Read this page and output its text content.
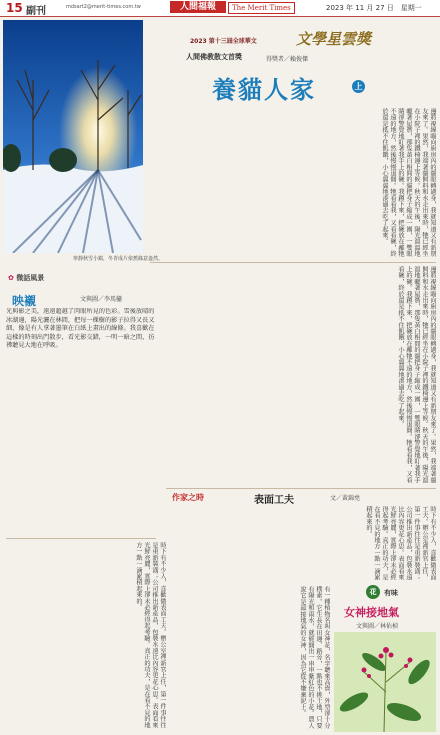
15 副刊	mdsart2@merit-times.com.tw	人間福報	The Merit Times	2023 年 11 月 27 日　星期一
寧靜秋雪小鎮，冬青成片依舊綠意盎然。
2023 第十三屆全球華文	文學星雲獎
人間佛教散文首獎	得獎者／賴俊傑
養貓人家	上
邊將視線瞄向廚房內的貓眼轉過身，我就知道又有新朋友來了。果然，我端著貓飼料和水走出來時，牠已經坐在小院子裡的鐵椅邊上等候。秋天的午後，陽光溫溫地曬著屋簷，那隻黃白相間的貓把身子縮成一團，一雙眼睛卻警覺地盯著我手上的碗。我蹲下來，把碗放在離牠不遠的地方，然後慢慢退開。牠看看我，又看看碗，終於還是抵不住飢餓，小心翼翼地湊過去吃了起來。
邊將視線瞄向廚房內的貓眼轉過身，我就知道又有新朋友來了。果然，我端著貓飼料和水走出來時，牠已經坐在小院子裡的鐵椅邊上等候。秋天的午後，陽光溫溫地曬著屋簷，那隻黃白相間的貓把身子縮成一團，一雙眼睛卻警覺地盯著我手上的碗。我蹲下來，把碗放在離牠不遠的地方，然後慢慢退開。牠看看我，又看看碗，終於還是抵不住飢餓，小心翼翼地湊過去吃了起來。
✿ 微話風景
映襯	文與圖／李馬鑾
光與影之美，遠遠超越了肉眼所見的色彩。雪後放晴的冰湖邊，陽光灑在林間，把每一棵樹的影子拉得又長又細，像是有人拿著墨筆在白紙上畫出的線條。我喜歡在這樣的時刻出門散步，看光影交錯，一明一暗之間，彷彿聽見大地在呼吸。
時下有不少人，喜歡做表面工夫。辦公室裡新官上任，第一件事往往是重新裝潢；公司推出新產品，包裝永遠比內容更花心思。表面看來光鮮亮麗，實際上卻未必經得起考驗。真正的功夫，是在看不見的地方一點一滴累積起來的。
作家之時	表面工夫	文／黃錦堯
時下有不少人，喜歡做表面工夫。辦公室裡新官上任，第一件事往往是重新裝潢；公司推出新產品，包裝永遠比內容更花心思。表面看來光鮮亮麗，實際上卻未必經得起考驗。真正的功夫，是在看不見的地方一點一滴累積起來的。
有一種植物名叫女神花，名字聽來高貴，外型卻十分樸素。它生長在田邊、路旁，一點也不挑土地，只要有陽光和雨水，就能開出一串串紫紅色的小花。農人說它是最接地氣的女神，因為它從不嫌棄泥土。	花	有味
女神接地氣
文與圖／林佑楨
